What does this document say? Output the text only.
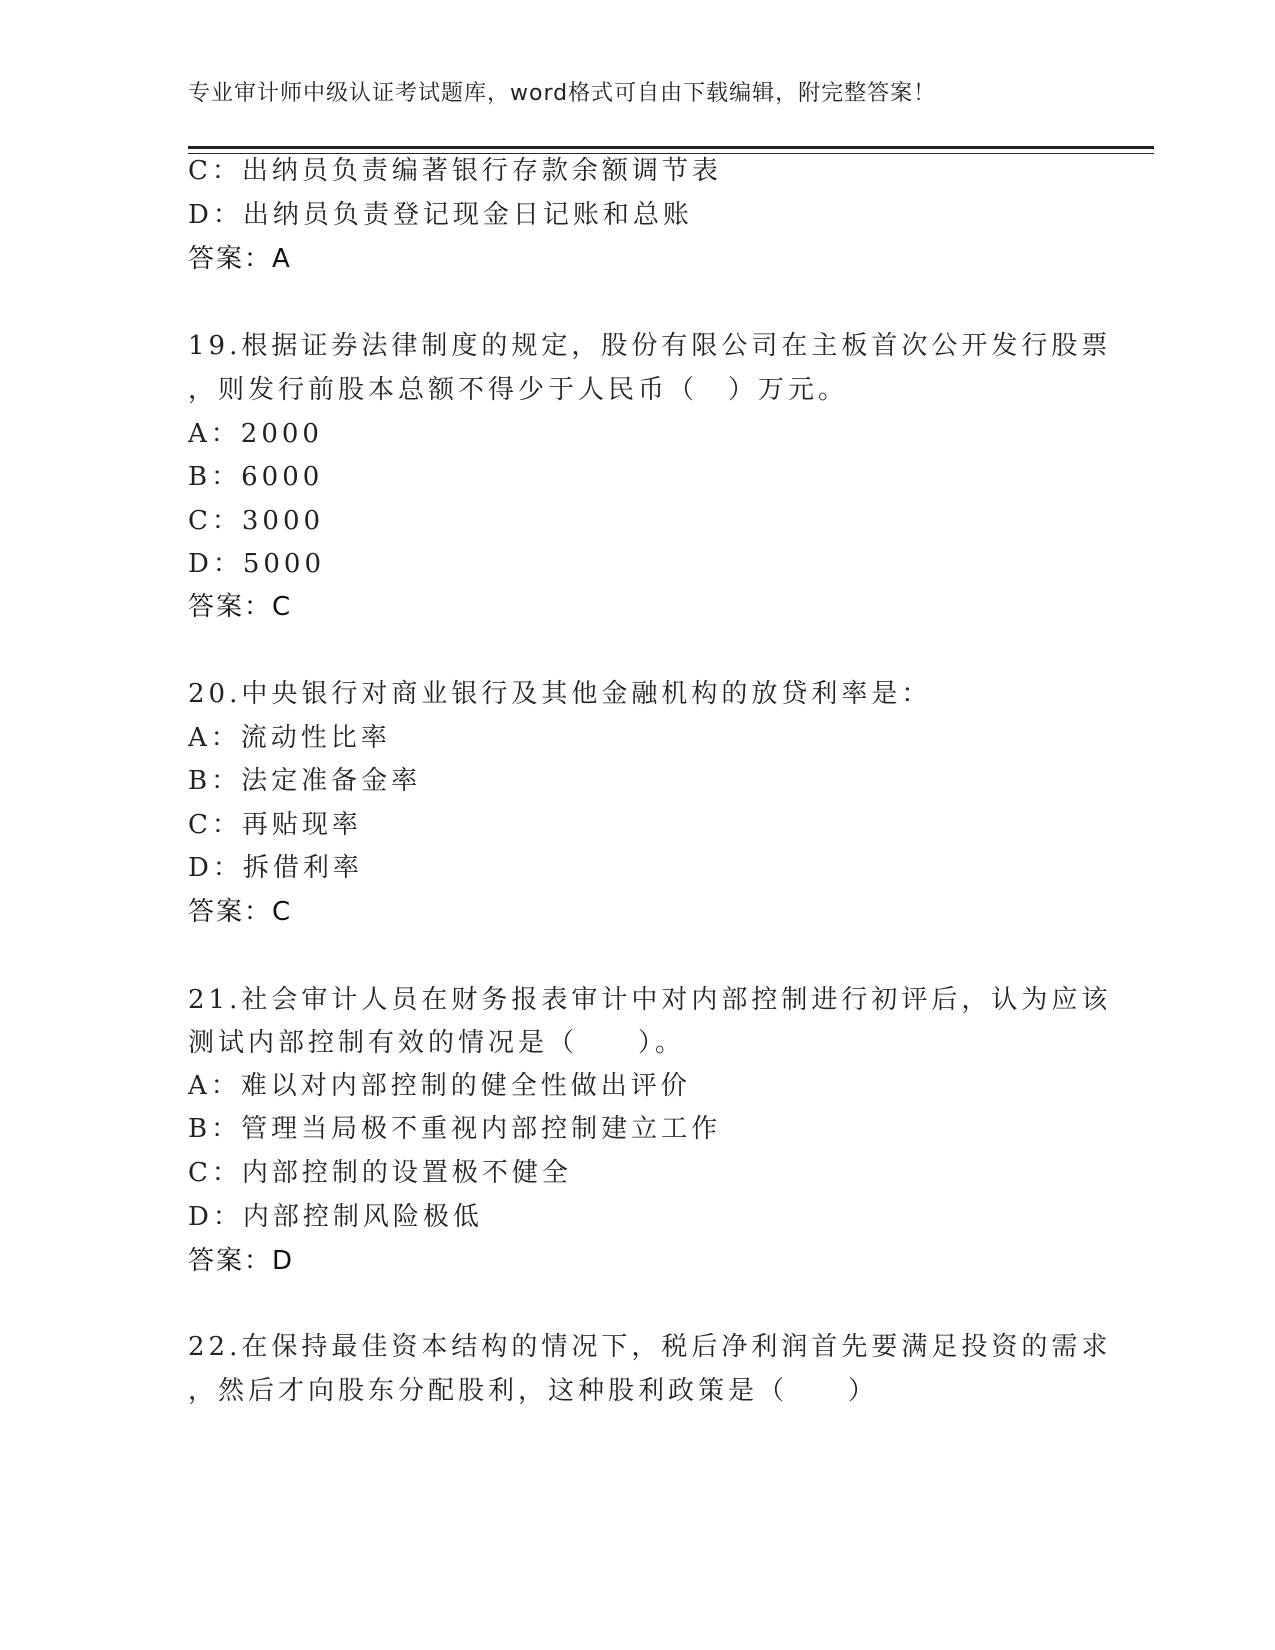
专业审计师中级认证考试题库，word格式可自由下载编辑，附完整答案！
C：出纳员负责编著银行存款余额调节表
D：出纳员负责登记现金日记账和总账
答案：A
19.根据证券法律制度的规定，股份有限公司在主板首次公开发行股票
，则发行前股本总额不得少于人民币（　）万元。
A：2000
B：6000
C：3000
D：5000
答案：C
20.中央银行对商业银行及其他金融机构的放贷利率是：
A：流动性比率
B：法定准备金率
C：再贴现率
D：拆借利率
答案：C
21.社会审计人员在财务报表审计中对内部控制进行初评后，认为应该
测试内部控制有效的情况是（　　）。
A：难以对内部控制的健全性做出评价
B：管理当局极不重视内部控制建立工作
C：内部控制的设置极不健全
D：内部控制风险极低
答案：D
22.在保持最佳资本结构的情况下，税后净利润首先要满足投资的需求
，然后才向股东分配股利，这种股利政策是（　　）
